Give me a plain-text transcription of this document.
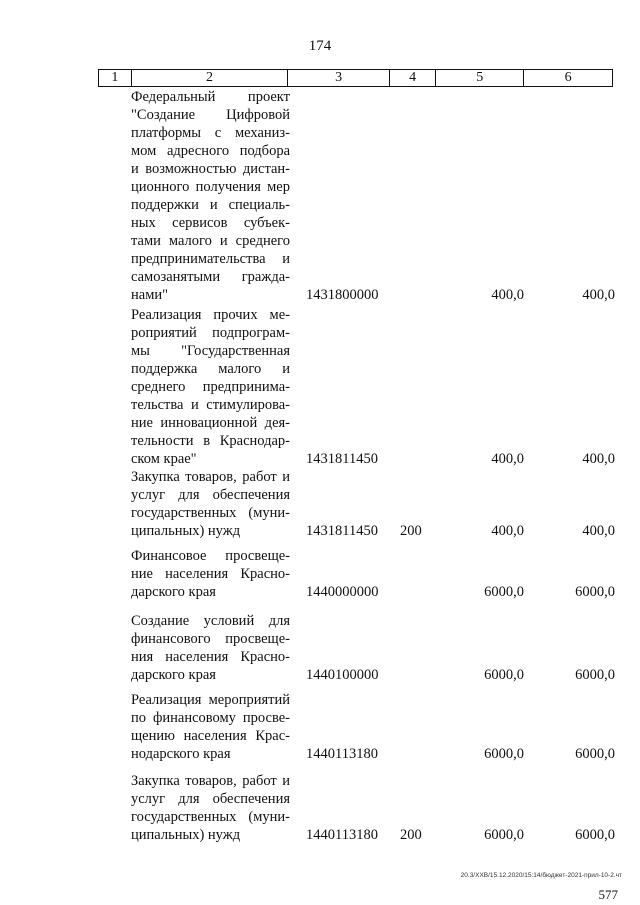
174
1	2	3	4	5	6
Федеральный проект
"Создание Цифровой
платформы с механиз-
мом адресного подбора
и возможностью дистан-
ционного получения мер
поддержки и специаль-
ных сервисов субъек-
тами малого и среднего
предпринимательства и
самозанятыми гражда-
нами"	1431800000	400,0	400,0
Реализация прочих ме-
роприятий подпрограм-
мы "Государственная
поддержка малого и
среднего предпринима-
тельства и стимулирова-
ние инновационной дея-
тельности в Краснодар-
ском крае"	1431811450	400,0	400,0
Закупка товаров, работ и
услуг для обеспечения
государственных (муни-
ципальных) нужд	1431811450 200	400,0	400,0
Финансовое просвеще-
ние населения Красно-
дарского края	1440000000	6000,0	6000,0
Создание условий для
финансового просвеще-
ния населения Красно-
дарского края	1440100000	6000,0	6000,0
Реализация мероприятий
по финансовому просве-
щению населения Крас-
нодарского края	1440113180	6000,0	6000,0
Закупка товаров, работ и
услуг для обеспечения
государственных (муни-
ципальных) нужд	1440113180 200	6000,0	6000,0
20.3/XXВ/15.12.2020/15:14/бюджет-2021-прил-10-2.чт
577
